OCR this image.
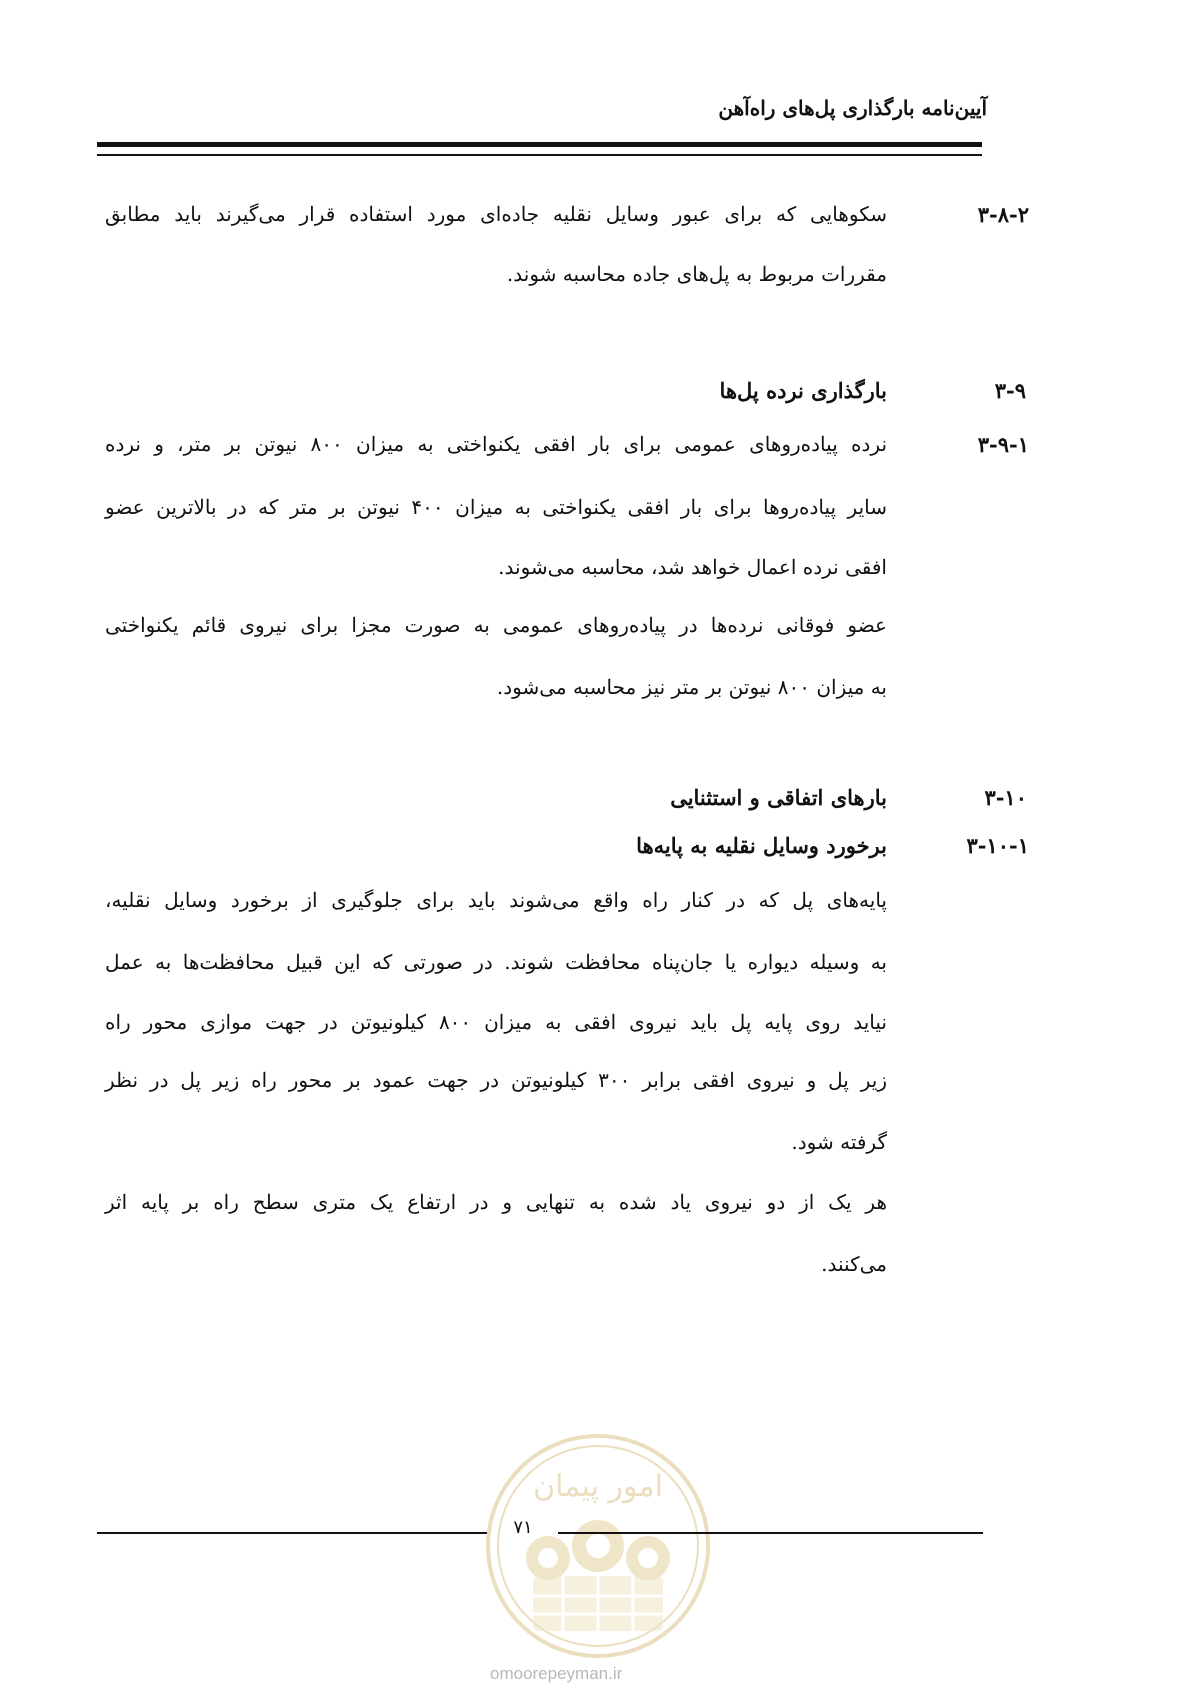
آیین‌نامه بارگذاری پل‌های راه‌آهن
۳-۸-۲
سکوهایی که برای عبور وسایل نقلیه جاده‌ای مورد استفاده قرار می‌گیرند باید مطابق
مقررات مربوط به پل‌های جاده محاسبه شوند.
۳-۹
بارگذاری نرده پل‌ها
۳-۹-۱
نرده پیاده‌روهای عمومی برای بار افقی یکنواختی به میزان ۸۰۰ نیوتن بر متر، و نرده
سایر پیاده‌روها برای بار افقی یکنواختی به میزان ۴۰۰ نیوتن بر متر که در بالاترین عضو
افقی نرده اعمال خواهد شد، محاسبه می‌شوند.
عضو فوقانی نرده‌ها در پیاده‌روهای عمومی به صورت مجزا برای نیروی قائم یکنواختی
به میزان ۸۰۰ نیوتن بر متر نیز محاسبه می‌شود.
۳-۱۰
بارهای اتفاقی و استثنایی
۳-۱۰-۱
برخورد وسایل نقلیه به پایه‌ها
پایه‌های پل که در کنار راه واقع می‌شوند باید برای جلوگیری از برخورد وسایل نقلیه،
به وسیله دیواره یا جان‌پناه محافظت شوند. در صورتی که این قبیل محافظت‌ها به عمل
نیاید روی پایه پل باید نیروی افقی به میزان ۸۰۰ کیلونیوتن در جهت موازی محور راه
زیر پل و نیروی افقی برابر ۳۰۰ کیلونیوتن در جهت عمود بر محور راه زیر پل در نظر
گرفته شود.
هر یک از دو نیروی یاد شده به تنهایی و در ارتفاع یک متری سطح راه بر پایه اثر
می‌کنند.
امور پیمان
۷۱
omoorepeyman.ir
